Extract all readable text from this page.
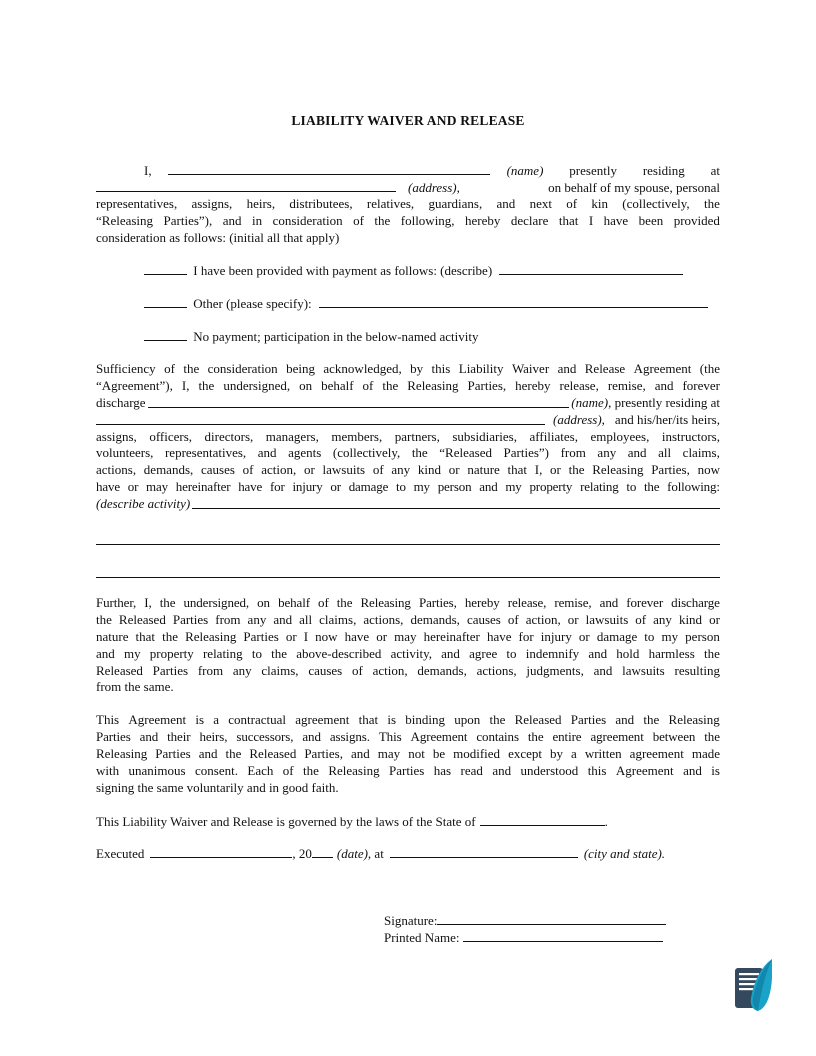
LIABILITY WAIVER AND RELEASE
I,	(name) presently residing at
(address),	on behalf of my spouse, personal
representatives, assigns, heirs, distributees, relatives, guardians, and next of kin (collectively, the
“Releasing Parties”), and in consideration of the following, hereby declare that I have been provided
consideration as follows: (initial all that apply)
I have been provided with payment as follows: (describe)
Other (please specify):
No payment; participation in the below-named activity
Sufficiency of the consideration being acknowledged, by this Liability Waiver and Release Agreement (the
“Agreement”), I, the undersigned, on behalf of the Releasing Parties, hereby release, remise, and forever
discharge	(name) , presently residing at
(address), and his/her/its heirs,
assigns, officers, directors, managers, members, partners, subsidiaries, affiliates, employees, instructors,
volunteers, representatives, and agents (collectively, the “Released Parties”) from any and all claims,
actions, demands, causes of action, or lawsuits of any kind or nature that I, or the Releasing Parties, now
have or may hereinafter have for injury or damage to my person and my property relating to the following:
(describe activity)
Further, I, the undersigned, on behalf of the Releasing Parties, hereby release, remise, and forever discharge
the Released Parties from any and all claims, actions, demands, causes of action, or lawsuits of any kind or
nature that the Releasing Parties or I now have or may hereinafter have for injury or damage to my person
and my property relating to the above-described activity, and agree to indemnify and hold harmless the
Released Parties from any claims, causes of action, demands, actions, judgments, and lawsuits resulting
from the same.
This Agreement is a contractual agreement that is binding upon the Released Parties and the Releasing
Parties and their heirs, successors, and assigns. This Agreement contains the entire agreement between the
Releasing Parties and the Released Parties, and may not be modified except by a written agreement made
with unanimous consent. Each of the Releasing Parties has read and understood this Agreement and is
signing the same voluntarily and in good faith.
This Liability Waiver and Release is governed by the laws of the State of	.
Executed	, 20 (date) , at	(city and state).
Signature:
Printed Name:
